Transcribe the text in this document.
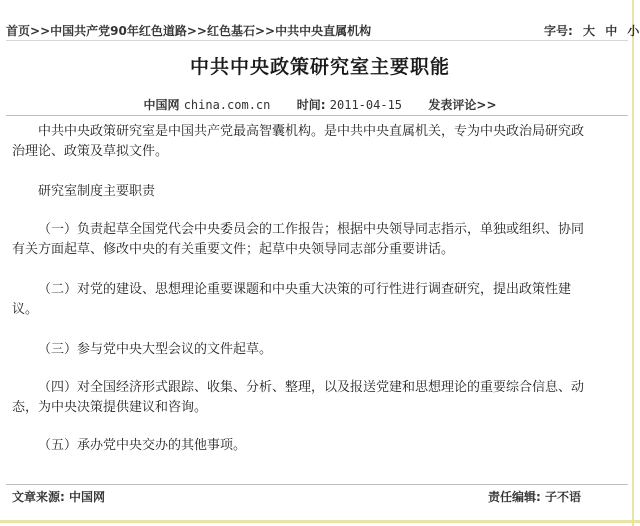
首页>>中国共产党90年红色道路>>红色基石>>中共中央直属机构	字号: 大 中 小
中共中央政策研究室主要职能
中国网 china.com.cn 时间: 2011-04-15 发表评论>>

中共中央政策研究室是中国共产党最高智囊机构。是中共中央直属机关，专为中央政治局研究政治理论、政策及草拟文件。

研究室制度主要职责

（一）负责起草全国党代会中央委员会的工作报告；根据中央领导同志指示，单独或组织、协同有关方面起草、修改中央的有关重要文件；起草中央领导同志部分重要讲话。

（二）对党的建设、思想理论重要课题和中央重大决策的可行性进行调查研究，提出政策性建议。

（三）参与党中央大型会议的文件起草。

（四）对全国经济形式跟踪、收集、分析、整理，以及报送党建和思想理论的重要综合信息、动态，为中央决策提供建议和咨询。

（五）承办党中央交办的其他事项。

文章来源: 中国网	责任编辑: 子不语
